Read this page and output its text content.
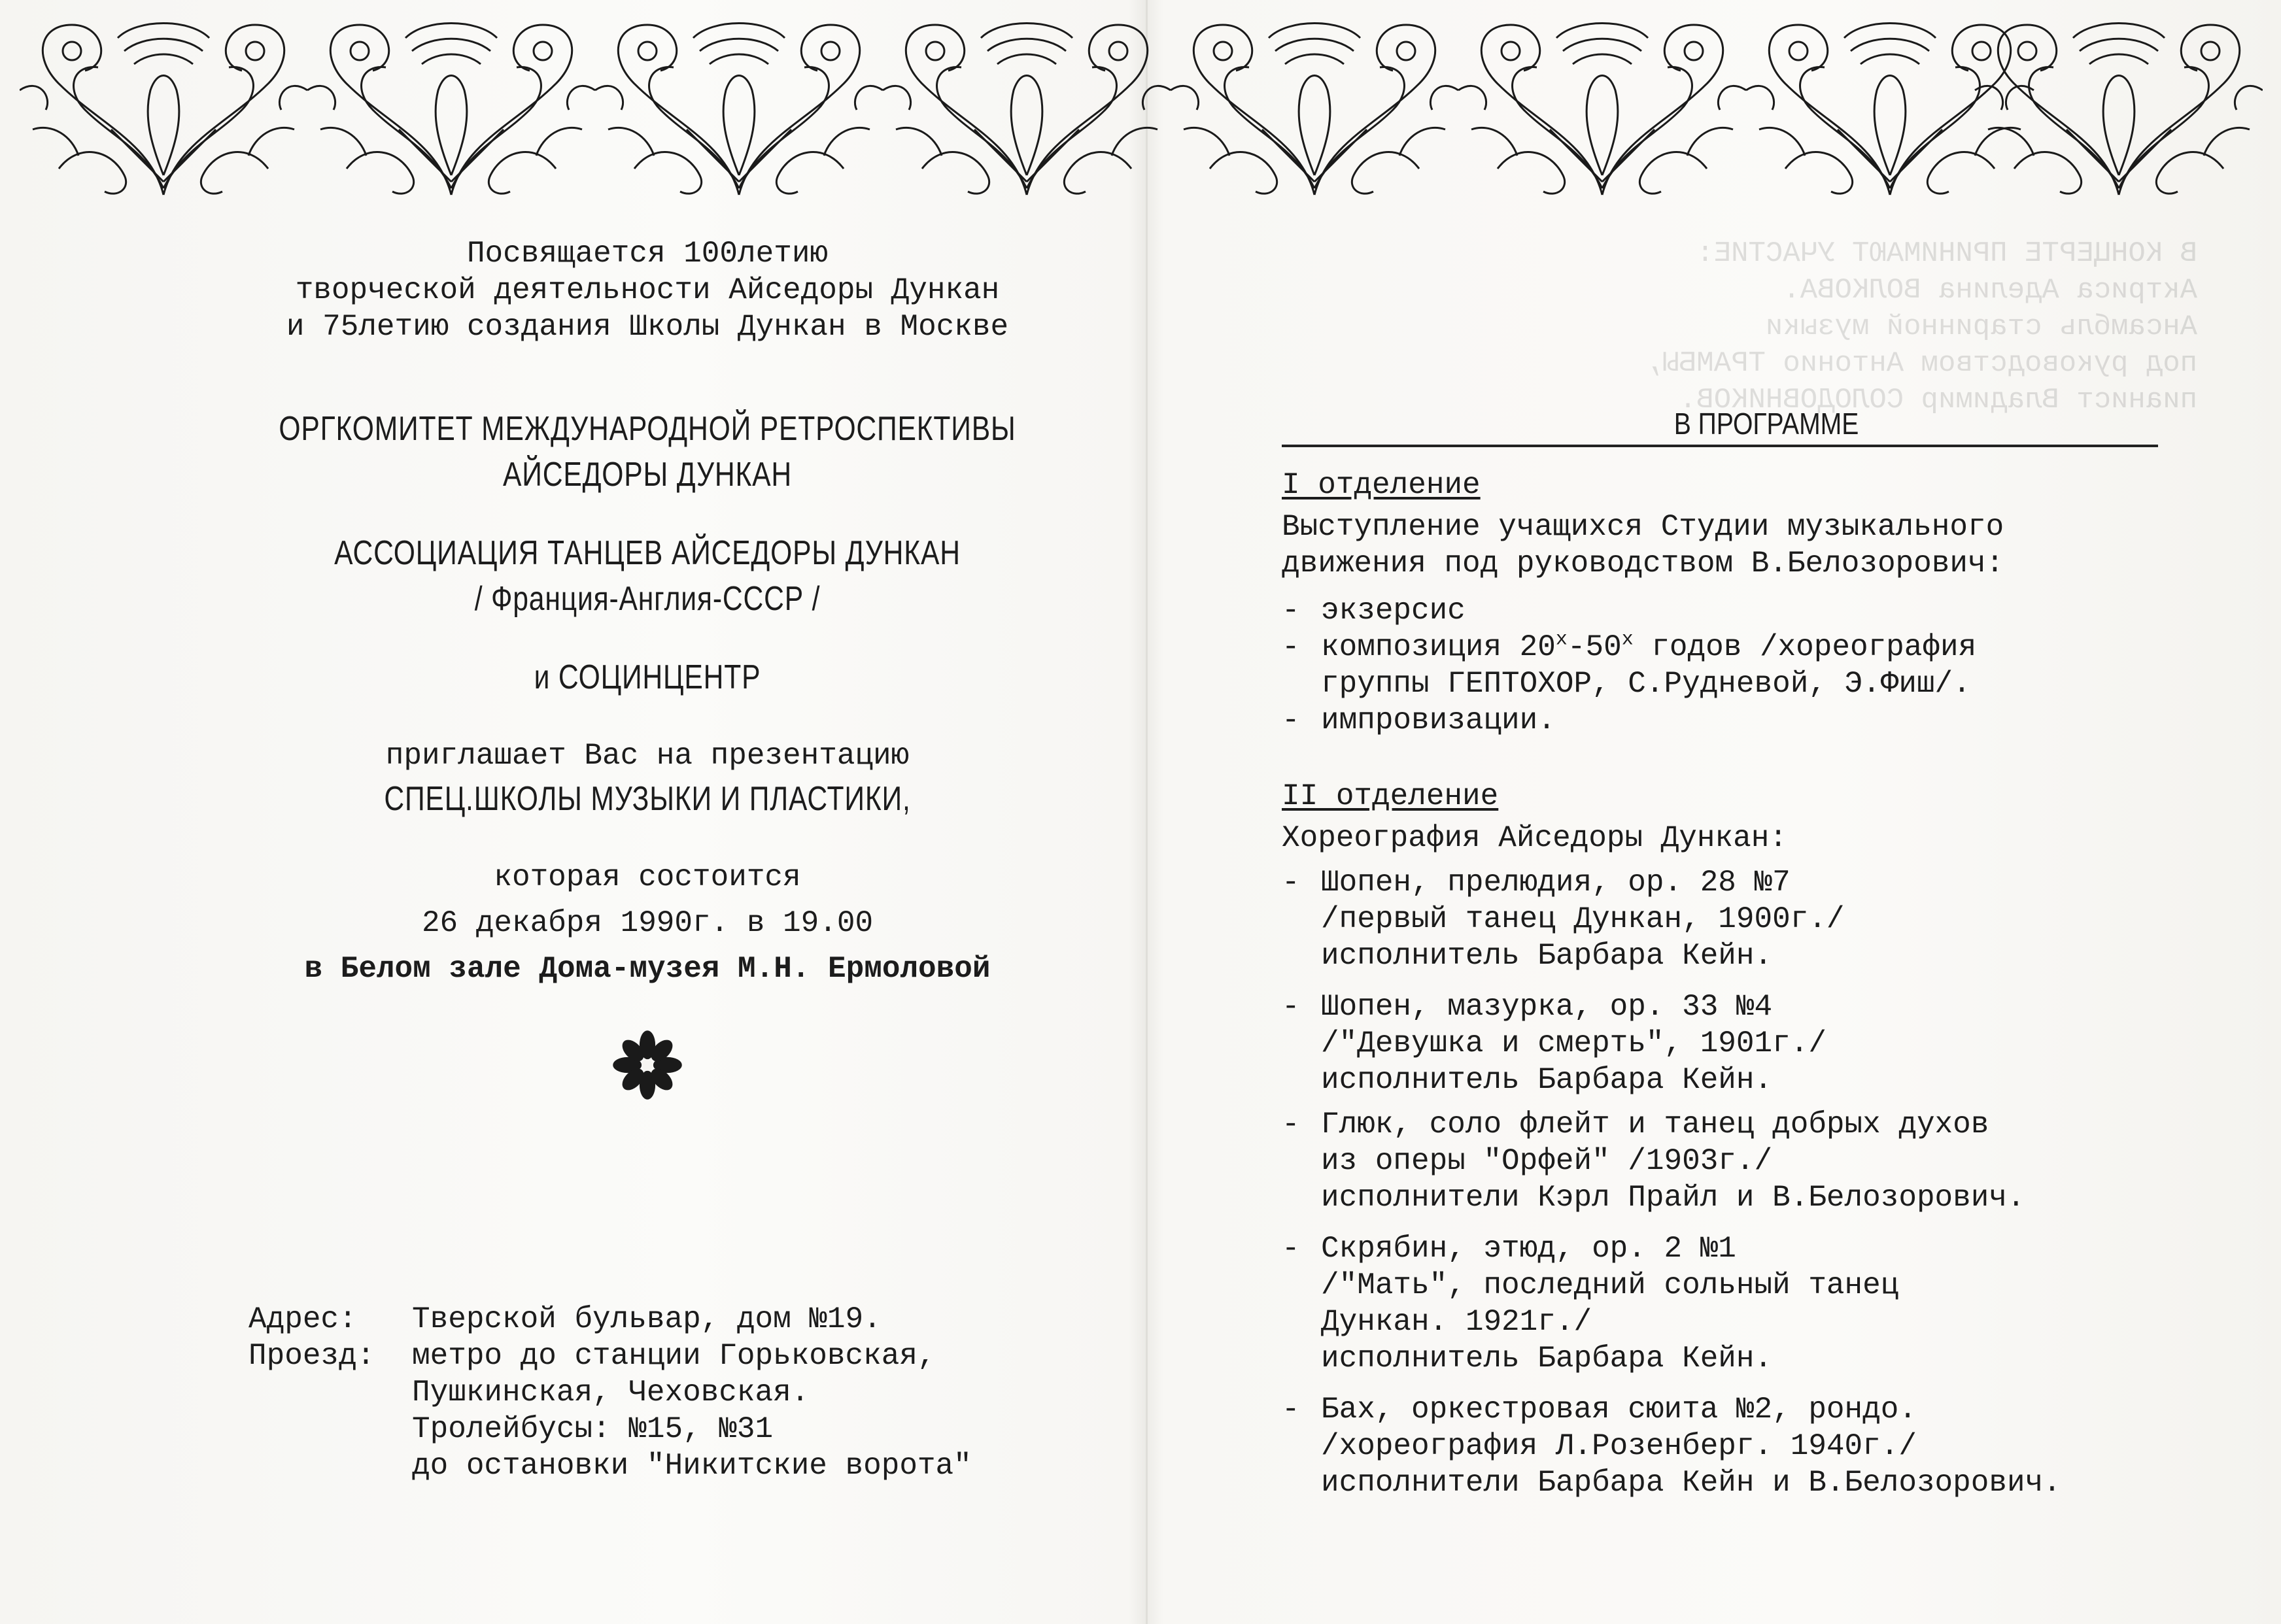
В КОНЦЕРТЕ ПРИНИМАЮТ УЧАСТИЕ:
Актриса Аделина ВОЛКОВА.
Ансамбль старинной музыки
под руководством Антонио ТРАМБЫ,
пианист Владимир СОЛОДОВНИКОВ.

Посвящается 100летию

творческой деятельности Айседоры Дункан

и 75летию создания Школы Дункан в Москве

ОРГКОМИТЕТ МЕЖДУНАРОДНОЙ РЕТРОСПЕКТИВЫ

АЙСЕДОРЫ ДУНКАН

АССОЦИАЦИЯ ТАНЦЕВ АЙСЕДОРЫ ДУНКАН

/ Франция-Англия-СССР /

и СОЦИНЦЕНТР

приглашает Вас на презентацию

СПЕЦ.ШКОЛЫ МУЗЫКИ И ПЛАСТИКИ,

которая состоится

26 декабря 1990г. в 19.00

в Белом зале Дома-музея М.Н. Ермоловой

Адрес:	Тверской бульвар, дом №19.
Проезд:	метро до станции Горьковская,
Пушкинская, Чеховская.
Тролейбусы: №15, №31
до остановки "Никитские ворота"

В ПРОГРАММЕ

I отделение
Выступление учащихся Студии музыкального
движения под руководством В.Белозорович:
- экзерсис
- композиция $20^х-50^х$ годов /хореография
группы ГЕПТОХОР, С.Рудневой, Э.Фиш/.
- импровизации.
II отделение
Хореография Айседоры Дункан:
- Шопен, прелюдия, ор. 28 №7
/первый танец Дункан, 1900г./
исполнитель Барбара Кейн.
- Шопен, мазурка, ор. 33 №4
/"Девушка и смерть", 1901г./
исполнитель Барбара Кейн.
- Глюк, соло флейт и танец добрых духов
из оперы "Орфей" /1903г./
исполнители Кэрл Прайл и В.Белозорович.
- Скрябин, этюд, ор. 2 №1
/"Мать", последний сольный танец
Дункан. 1921г./
исполнитель Барбара Кейн.
- Бах, оркестровая сюита №2, рондо.
/хореография Л.Розенберг. 1940г./
исполнители Барбара Кейн и В.Белозорович.
